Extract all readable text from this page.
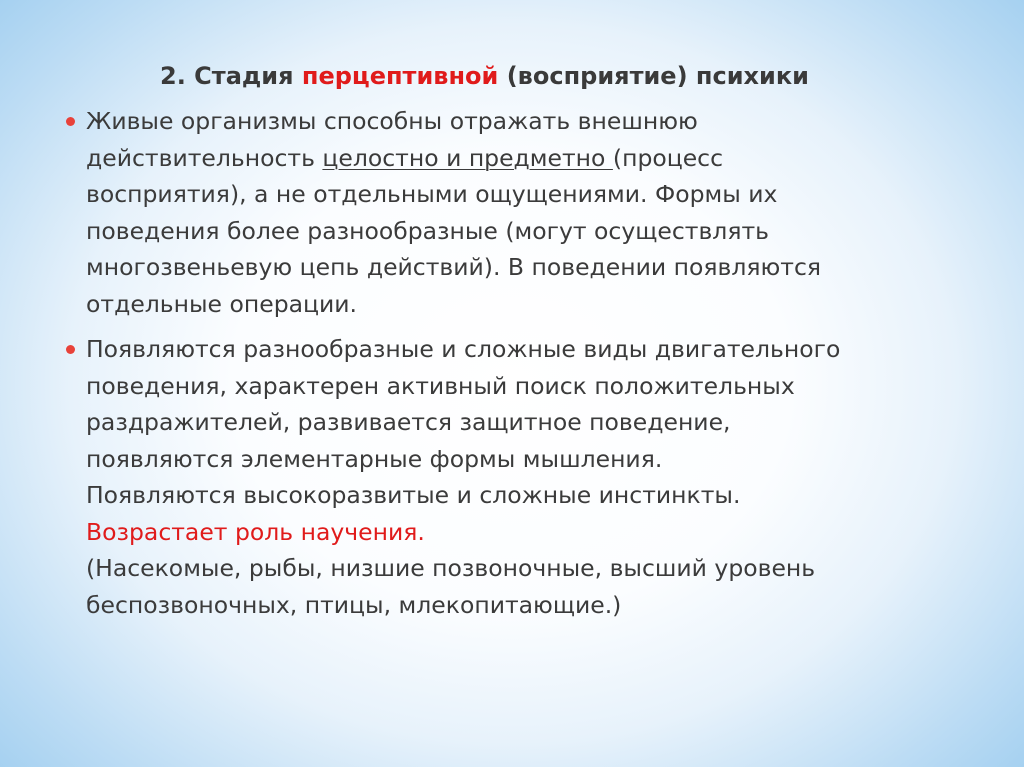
2. Стадия перцептивной (восприятие) психики
Живые организмы способны отражать внешнюю
действительность целостно и предметно (процесс
восприятия), а не отдельными ощущениями. Формы их
поведения более разнообразные (могут осуществлять
многозвеньевую цепь действий). В поведении появляются
отдельные операции.
Появляются разнообразные и сложные виды двигательного
поведения, характерен активный поиск положительных
раздражителей, развивается защитное поведение,
появляются элементарные формы мышления.
Появляются высокоразвитые и сложные инстинкты.
Возрастает роль научения.
(Насекомые, рыбы, низшие позвоночные, высший уровень
беспозвоночных, птицы, млекопитающие.)
